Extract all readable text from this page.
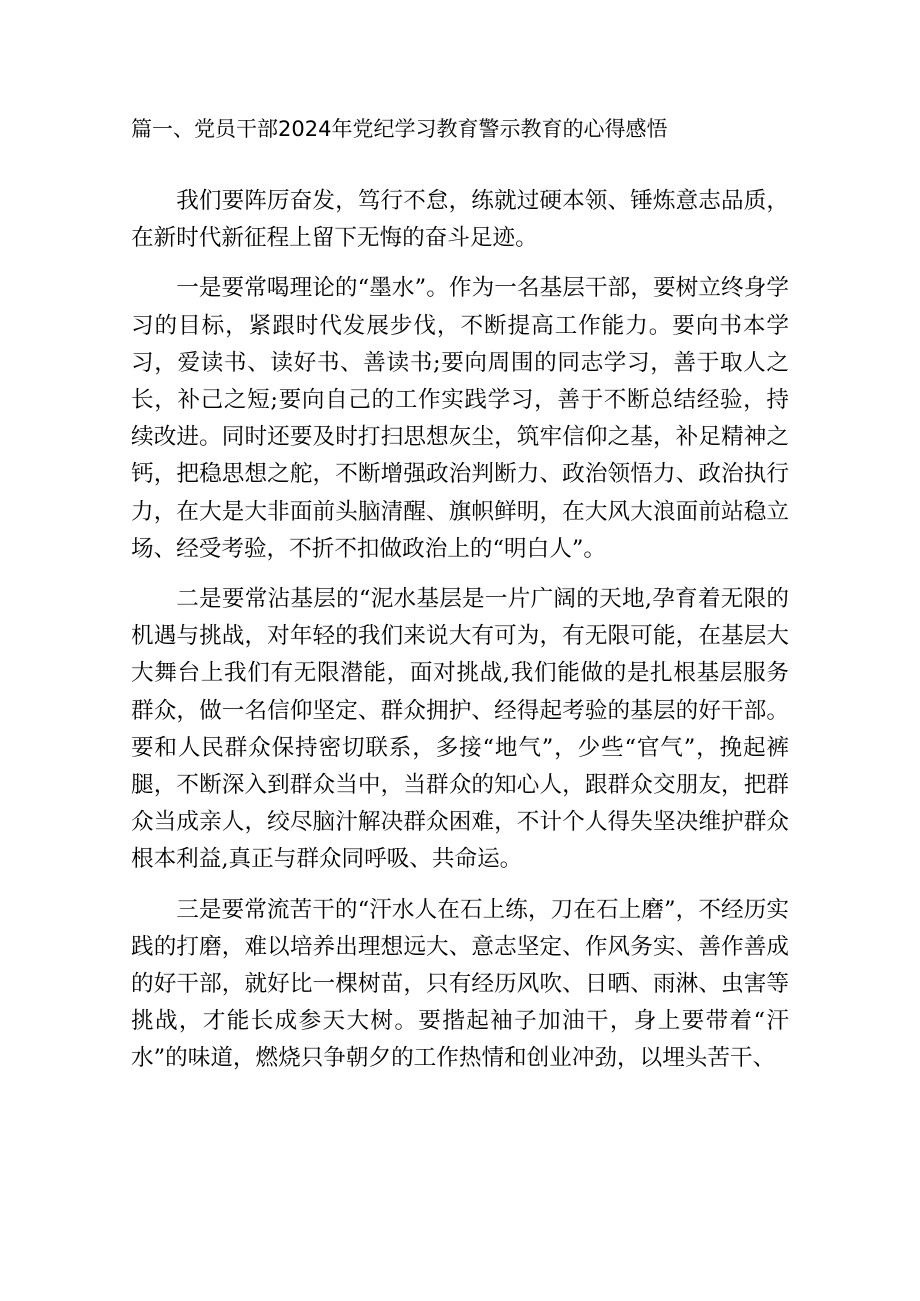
篇一、党员干部2024年党纪学习教育警示教育的心得感悟

我们要阵厉奋发，笃行不怠，练就过硬本领、锤炼意志品质，在新时代新征程上留下无悔的奋斗足迹。

一是要常喝理论的“墨水”。作为一名基层干部，要树立终身学习的目标，紧跟时代发展步伐，不断提高工作能力。要向书本学习，爱读书、读好书、善读书;要向周围的同志学习，善于取人之长，补己之短;要向自己的工作实践学习，善于不断总结经验，持续改进。同时还要及时打扫思想灰尘，筑牢信仰之基，补足精神之钙，把稳思想之舵，不断增强政治判断力、政治领悟力、政治执行力，在大是大非面前头脑清醒、旗帜鲜明，在大风大浪面前站稳立场、经受考验，不折不扣做政治上的“明白人”。

二是要常沾基层的“泥水基层是一片广阔的天地,孕育着无限的机遇与挑战，对年轻的我们来说大有可为，有无限可能，在基层大大舞台上我们有无限潜能，面对挑战,我们能做的是扎根基层服务群众，做一名信仰坚定、群众拥护、经得起考验的基层的好干部。要和人民群众保持密切联系，多接“地气”，少些“官气”，挽起裤腿，不断深入到群众当中，当群众的知心人，跟群众交朋友，把群众当成亲人，绞尽脑汁解决群众困难，不计个人得失坚决维护群众根本利益,真正与群众同呼吸、共命运。

三是要常流苦干的“汗水人在石上练，刀在石上磨”，不经历实践的打磨，难以培养出理想远大、意志坚定、作风务实、善作善成的好干部，就好比一棵树苗，只有经历风吹、日晒、雨淋、虫害等挑战，才能长成参天大树。要揩起袖子加油干，身上要带着“汗水”的味道，燃烧只争朝夕的工作热情和创业冲劲，以埋头苦干、
